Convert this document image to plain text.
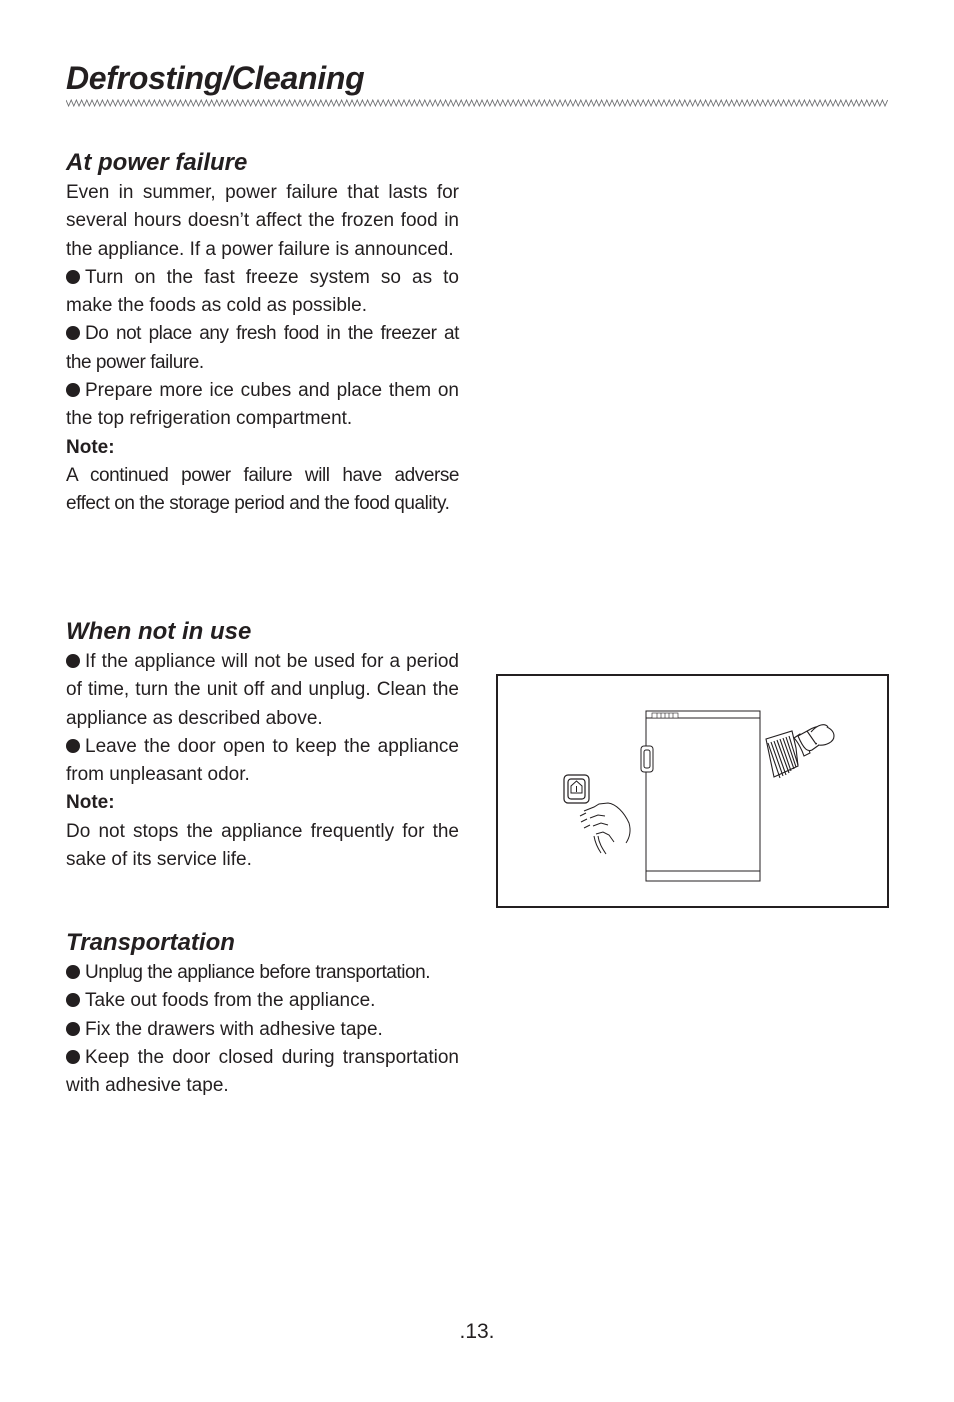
Defrosting/Cleaning
At power failure

Even in summer, power failure that lasts for several hours doesn’t affect the frozen food in the appliance. If a power failure is announced.

Turn on the fast freeze system so as to make the foods as cold as possible.

Do not place any fresh food in the freezer at the power failure.

Prepare more ice cubes and place them on the top refrigeration compartment.

Note:

A continued power failure will have adverse effect on the storage period and the food quality.

When not in use

If the appliance will not be used for a period of time, turn the unit off and unplug. Clean the appliance as described above.

Leave the door open to keep the appliance from unpleasant odor.

Note:

Do not stops the appliance frequently for the sake of its service life.

Transportation

Unplug the appliance before transportation.

Take out foods from the appliance.

Fix the drawers with adhesive tape.

Keep the door closed during transportation with adhesive tape.

.13.
